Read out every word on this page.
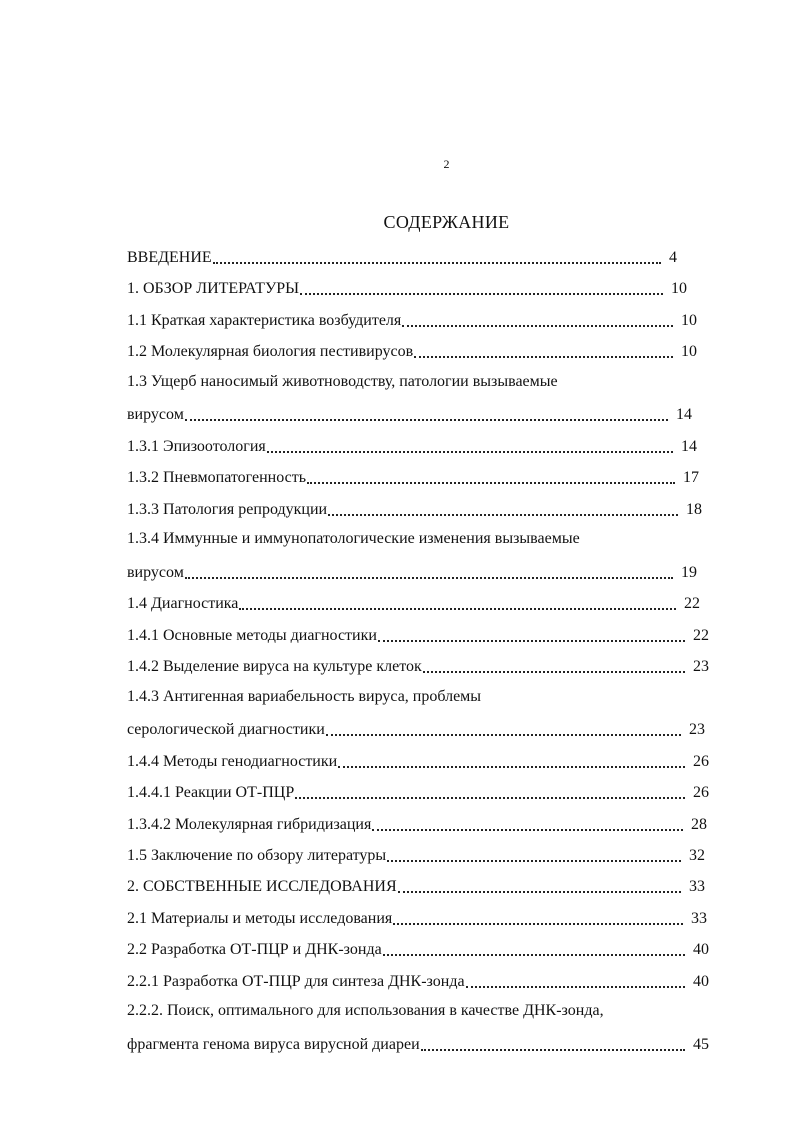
2
СОДЕРЖАНИЕ
ВВЕДЕНИЕ	4
1. ОБЗОР ЛИТЕРАТУРЫ	10
1.1 Краткая характеристика возбудителя	10
1.2 Молекулярная биология пестивирусов	10
1.3 Ущерб наносимый животноводству, патологии вызываемые
вирусом	14
1.3.1 Эпизоотология	14
1.3.2 Пневмопатогенность	17
1.3.3 Патология репродукции	18
1.3.4 Иммунные и иммунопатологические изменения вызываемые
вирусом	19
1.4 Диагностика	22
1.4.1 Основные методы диагностики	22
1.4.2 Выделение вируса на культуре клеток	23
1.4.3 Антигенная вариабельность вируса, проблемы
серологической диагностики	23
1.4.4 Методы генодиагностики	26
1.4.4.1 Реакции ОТ-ПЦР	26
1.3.4.2 Молекулярная гибридизация	28
1.5 Заключение по обзору литературы	32
2. СОБСТВЕННЫЕ ИССЛЕДОВАНИЯ	33
2.1 Материалы и методы исследования	33
2.2 Разработка ОТ-ПЦР и ДНК-зонда	40
2.2.1 Разработка ОТ-ПЦР для синтеза ДНК-зонда	40
2.2.2. Поиск, оптимального для использования в качестве ДНК-зонда,
фрагмента генома вируса вирусной диареи	45
